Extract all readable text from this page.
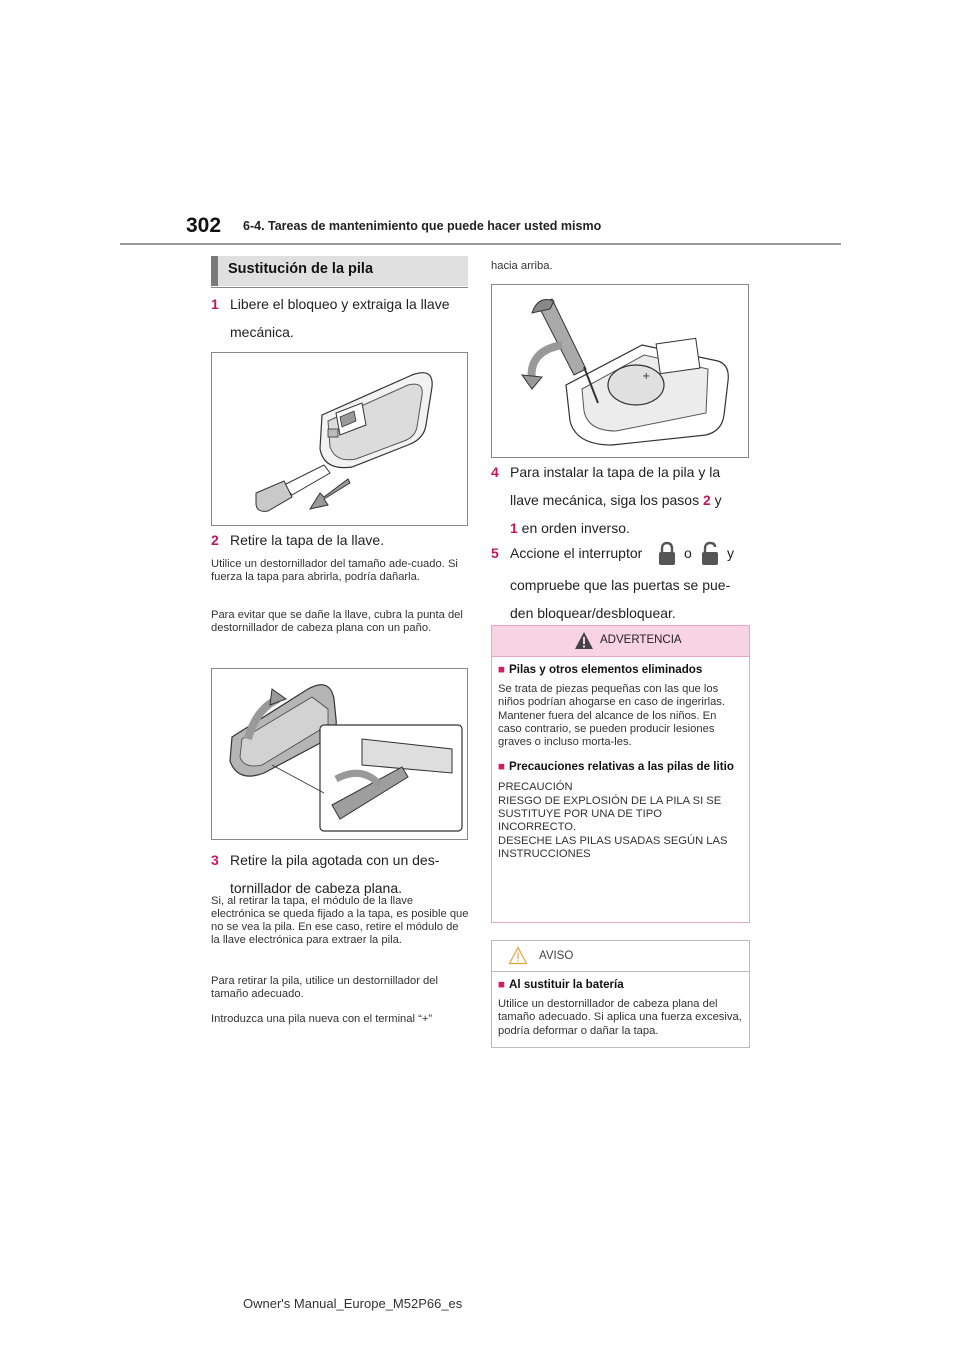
302 6-4. Tareas de mantenimiento que puede hacer usted mismo
Sustitución de la pila
1 Libere el bloqueo y extraiga la llave
mecánica.
2 Retire la tapa de la llave.
Utilice un destornillador del tamaño ade-cuado. Si fuerza la tapa para abrirla, podría dañarla.
Para evitar que se dañe la llave, cubra la punta del destornillador de cabeza plana con un paño.
3 Retire la pila agotada con un des-
tornillador de cabeza plana.
Si, al retirar la tapa, el módulo de la llave electrónica se queda fijado a la tapa, es posible que no se vea la pila. En ese caso, retire el módulo de la llave electrónica para extraer la pila.
Para retirar la pila, utilice un destornillador del tamaño adecuado.
Introduzca una pila nueva con el terminal “+”
hacia arriba.
+
4 Para instalar la tapa de la pila y la
llave mecánica, siga los pasos 2 y
1 en orden inverso.
5 Accione el interruptor	o	y
compruebe que las puertas se pue-
den bloquear/desbloquear.
ADVERTENCIA
■ Pilas y otros elementos eliminados
Se trata de piezas pequeñas con las que los niños podrían ahogarse en caso de ingerirlas. Mantener fuera del alcance de los niños. En caso contrario, se pueden producir lesiones graves o incluso morta-les.
■ Precauciones relativas a las pilas de litio
PRECAUCIÓN
RIESGO DE EXPLOSIÓN DE LA PILA SI SE SUSTITUYE POR UNA DE TIPO INCORRECTO.
DESECHE LAS PILAS USADAS SEGÚN LAS INSTRUCCIONES
AVISO
■ Al sustituir la batería
Utilice un destornillador de cabeza plana del tamaño adecuado. Si aplica una fuerza excesiva, podría deformar o dañar la tapa.
Owner's Manual_Europe_M52P66_es
